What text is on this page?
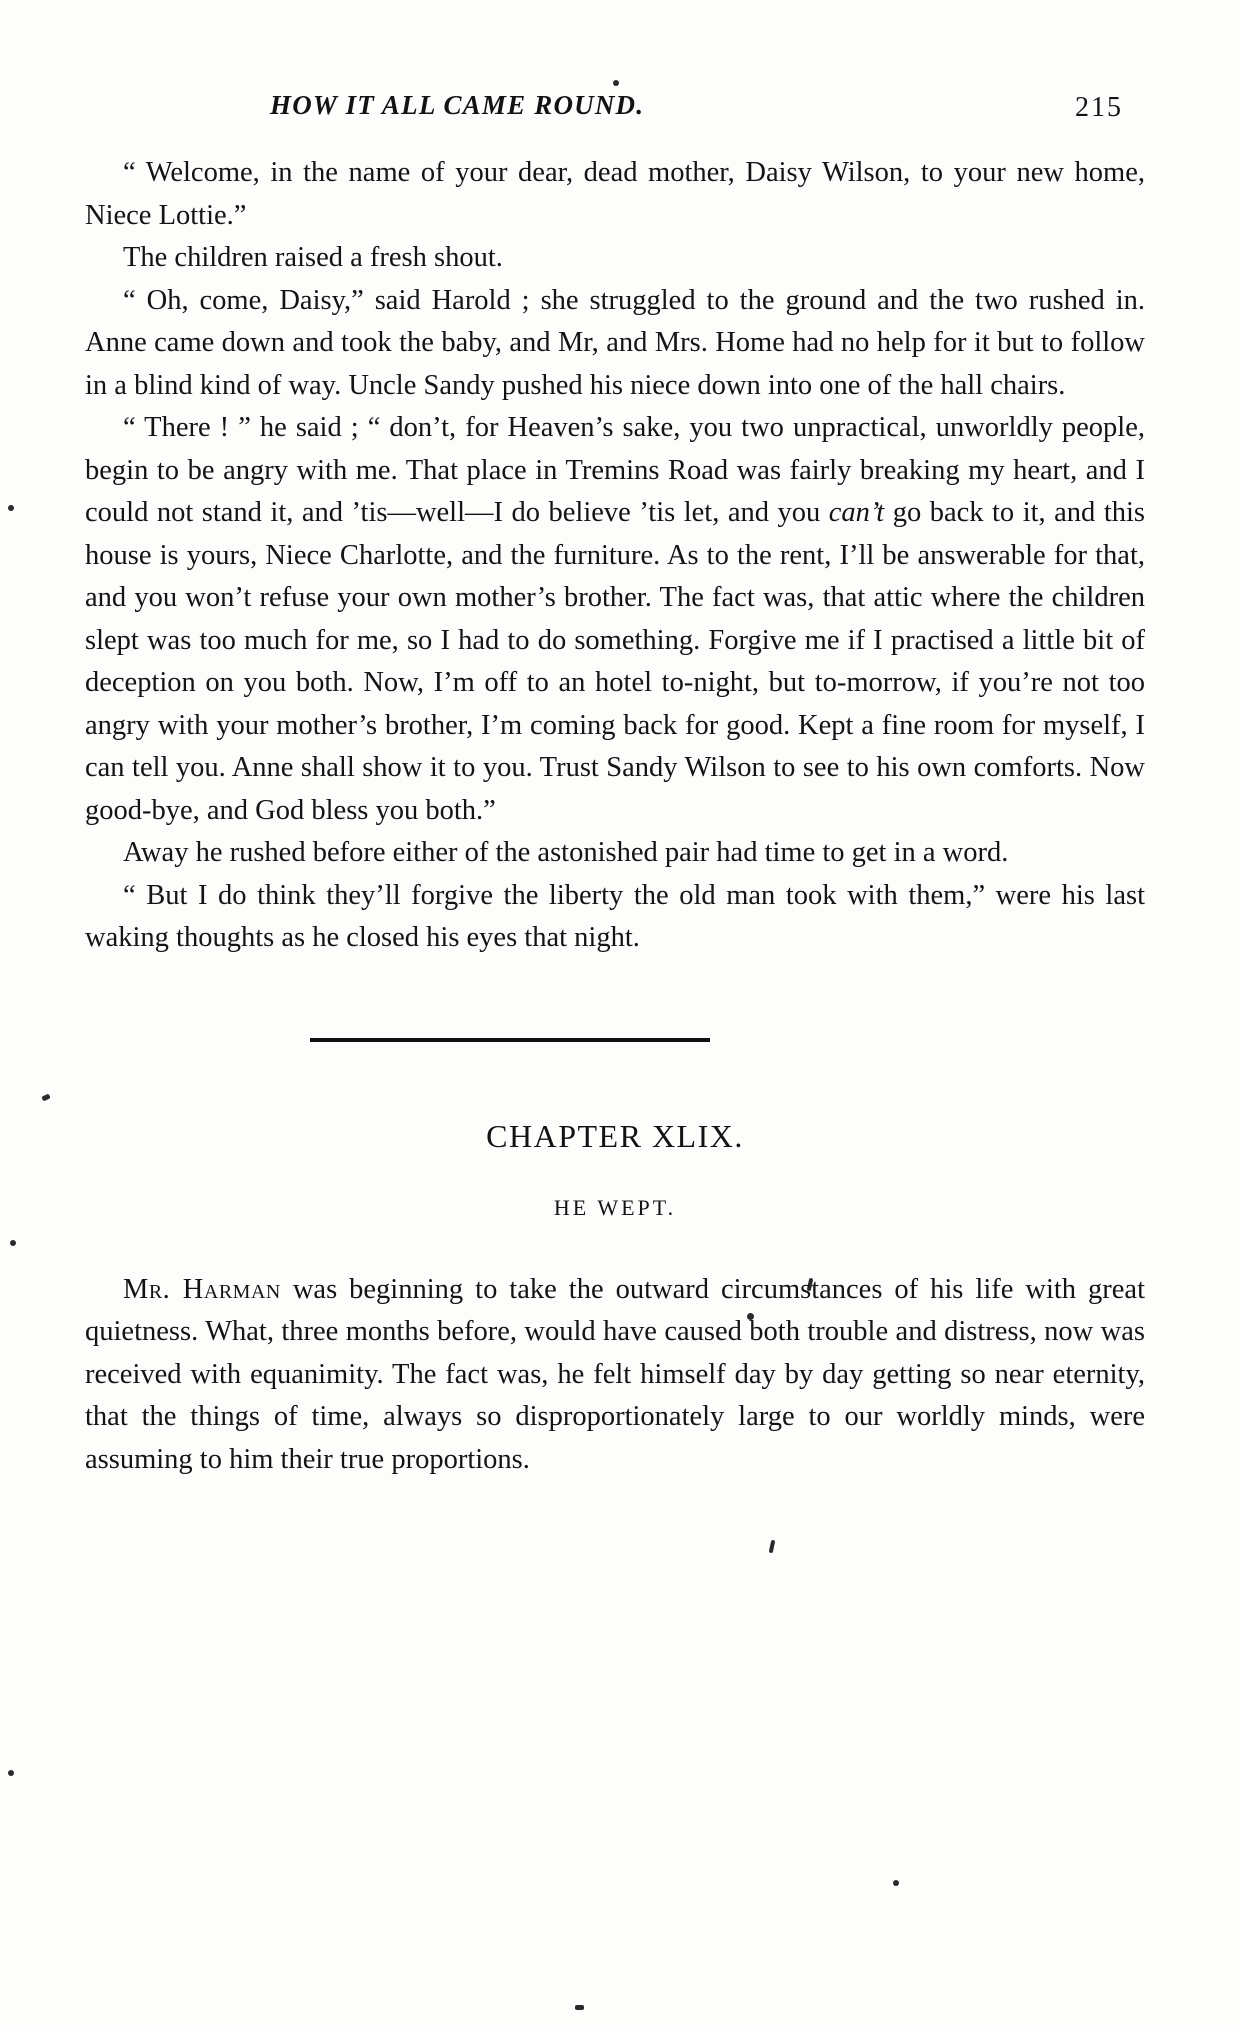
HOW IT ALL CAME ROUND.	215

“ Welcome, in the name of your dear, dead mother, Daisy Wilson, to your new home, Niece Lottie.”

The children raised a fresh shout.

“ Oh, come, Daisy,” said Harold ; she struggled to the ground and the two rushed in. Anne came down and took the baby, and Mr, and Mrs. Home had no help for it but to follow in a blind kind of way. Uncle Sandy pushed his niece down into one of the hall chairs.

“ There ! ” he said ; “ don’t, for Heaven’s sake, you two unpractical, unworldly people, begin to be angry with me. That place in Tremins Road was fairly breaking my heart, and I could not stand it, and ’tis—well—I do believe ’tis let, and you can’t go back to it, and this house is yours, Niece Charlotte, and the furniture. As to the rent, I’ll be answerable for that, and you won’t refuse your own mother’s brother. The fact was, that attic where the children slept was too much for me, so I had to do something. Forgive me if I practised a little bit of deception on you both. Now, I’m off to an hotel to-night, but to-morrow, if you’re not too angry with your mother’s brother, I’m coming back for good. Kept a fine room for myself, I can tell you. Anne shall show it to you. Trust Sandy Wilson to see to his own comforts. Now good-bye, and God bless you both.”

Away he rushed before either of the astonished pair had time to get in a word.

“ But I do think they’ll forgive the liberty the old man took with them,” were his last waking thoughts as he closed his eyes that night.

CHAPTER XLIX.
HE WEPT.

Mr. Harman was beginning to take the outward circumstances of his life with great quietness. What, three months before, would have caused both trouble and distress, now was received with equanimity. The fact was, he felt himself day by day getting so near eternity, that the things of time, always so disproportionately large to our worldly minds, were assuming to him their true proportions.
